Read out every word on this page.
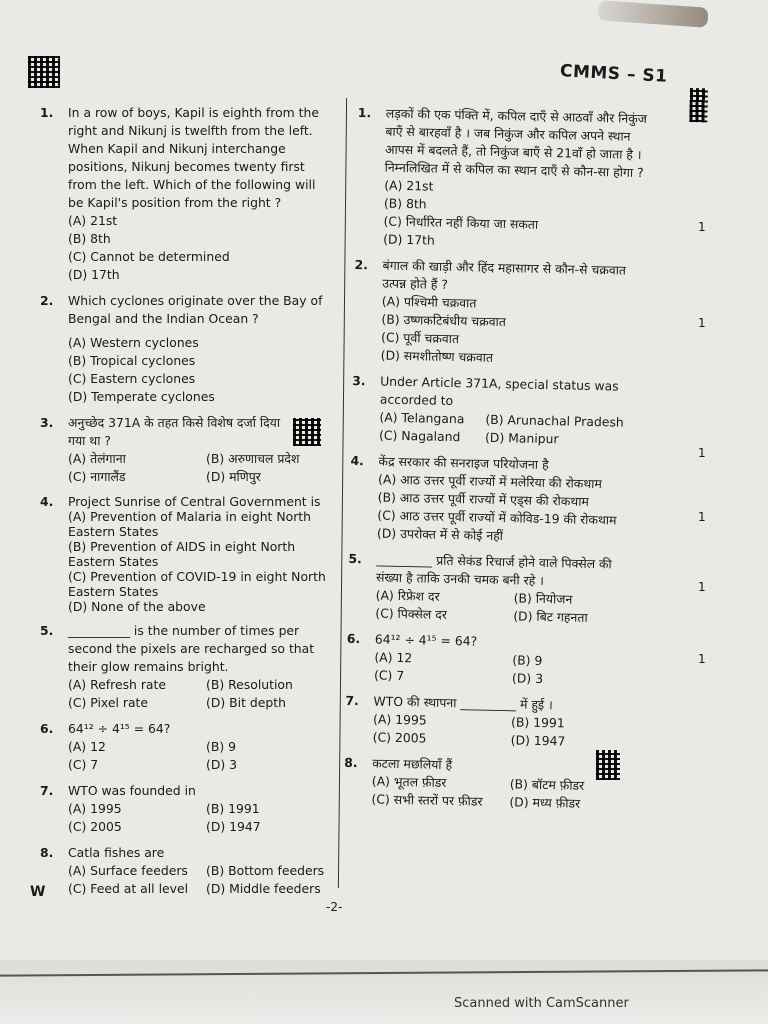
CMMS – S1
1. In a row of boys, Kapil is eighth from the right and Nikunj is twelfth from the left. When Kapil and Nikunj interchange positions, Nikunj becomes twenty first from the left. Which of the following will be Kapil's position from the right ?
(A) 21st
(B) 8th
(C) Cannot be determined
(D) 17th
2. Which cyclones originate over the Bay of Bengal and the Indian Ocean ?
(A) Western cyclones
(B) Tropical cyclones
(C) Eastern cyclones
(D) Temperate cyclones
3. अनुच्छेद 371A के तहत किसे विशेष दर्जा दिया गया था ?
(A) तेलंगाना	(B) अरुणाचल प्रदेश
(C) नागालैंड	(D) मणिपुर
4. Project Sunrise of Central Government is
(A) Prevention of Malaria in eight North Eastern States
(B) Prevention of AIDS in eight North Eastern States
(C) Prevention of COVID-19 in eight North Eastern States
(D) None of the above
5. __________ is the number of times per second the pixels are recharged so that their glow remains bright.
(A) Refresh rate	(B) Resolution
(C) Pixel rate	(D) Bit depth
6. 64¹² ÷ 4¹⁵ = 64?
(A) 12	(B) 9
(C) 7	(D) 3
7. WTO was founded in
(A) 1995	(B) 1991
(C) 2005	(D) 1947
8. Catla fishes are
(A) Surface feeders	(B) Bottom feeders
(C) Feed at all level	(D) Middle feeders
1. लड़कों की एक पंक्ति में, कपिल दाएँ से आठवाँ और निकुंज बाएँ से बारहवाँ है । जब निकुंज और कपिल अपने स्थान आपस में बदलते हैं, तो निकुंज बाएँ से 21वाँ हो जाता है । निम्नलिखित में से कपिल का स्थान दाएँ से कौन-सा होगा ?
(A) 21st
(B) 8th
(C) निर्धारित नहीं किया जा सकता
(D) 17th
2. बंगाल की खाड़ी और हिंद महासागर से कौन-से चक्रवात उत्पन्न होते हैं ?
(A) पश्चिमी चक्रवात
(B) उष्णकटिबंधीय चक्रवात
(C) पूर्वी चक्रवात
(D) समशीतोष्ण चक्रवात
3. Under Article 371A, special status was accorded to
(A) Telangana	(B) Arunachal Pradesh
(C) Nagaland	(D) Manipur
4. केंद्र सरकार की सनराइज परियोजना है
(A) आठ उत्तर पूर्वी राज्यों में मलेरिया की रोकथाम
(B) आठ उत्तर पूर्वी राज्यों में एड्स की रोकथाम
(C) आठ उत्तर पूर्वी राज्यों में कोविड-19 की रोकथाम
(D) उपरोक्त में से कोई नहीं
5. _________ प्रति सेकंड रिचार्ज होने वाले पिक्सेल की संख्या है ताकि उनकी चमक बनी रहे ।
(A) रिफ्रेश दर	(B) नियोजन
(C) पिक्सेल दर	(D) बिट गहनता
6. 64¹² ÷ 4¹⁵ = 64?
(A) 12	(B) 9
(C) 7	(D) 3
7. WTO की स्थापना _________ में हुई ।
(A) 1995	(B) 1991
(C) 2005	(D) 1947
8. कटला मछलियाँ हैं
(A) भूतल फ़ीडर	(B) बॉटम फ़ीडर
(C) सभी स्तरों पर फ़ीडर	(D) मध्य फ़ीडर
1
1
1
1
1
1
W
-2-
Scanned with CamScanner
